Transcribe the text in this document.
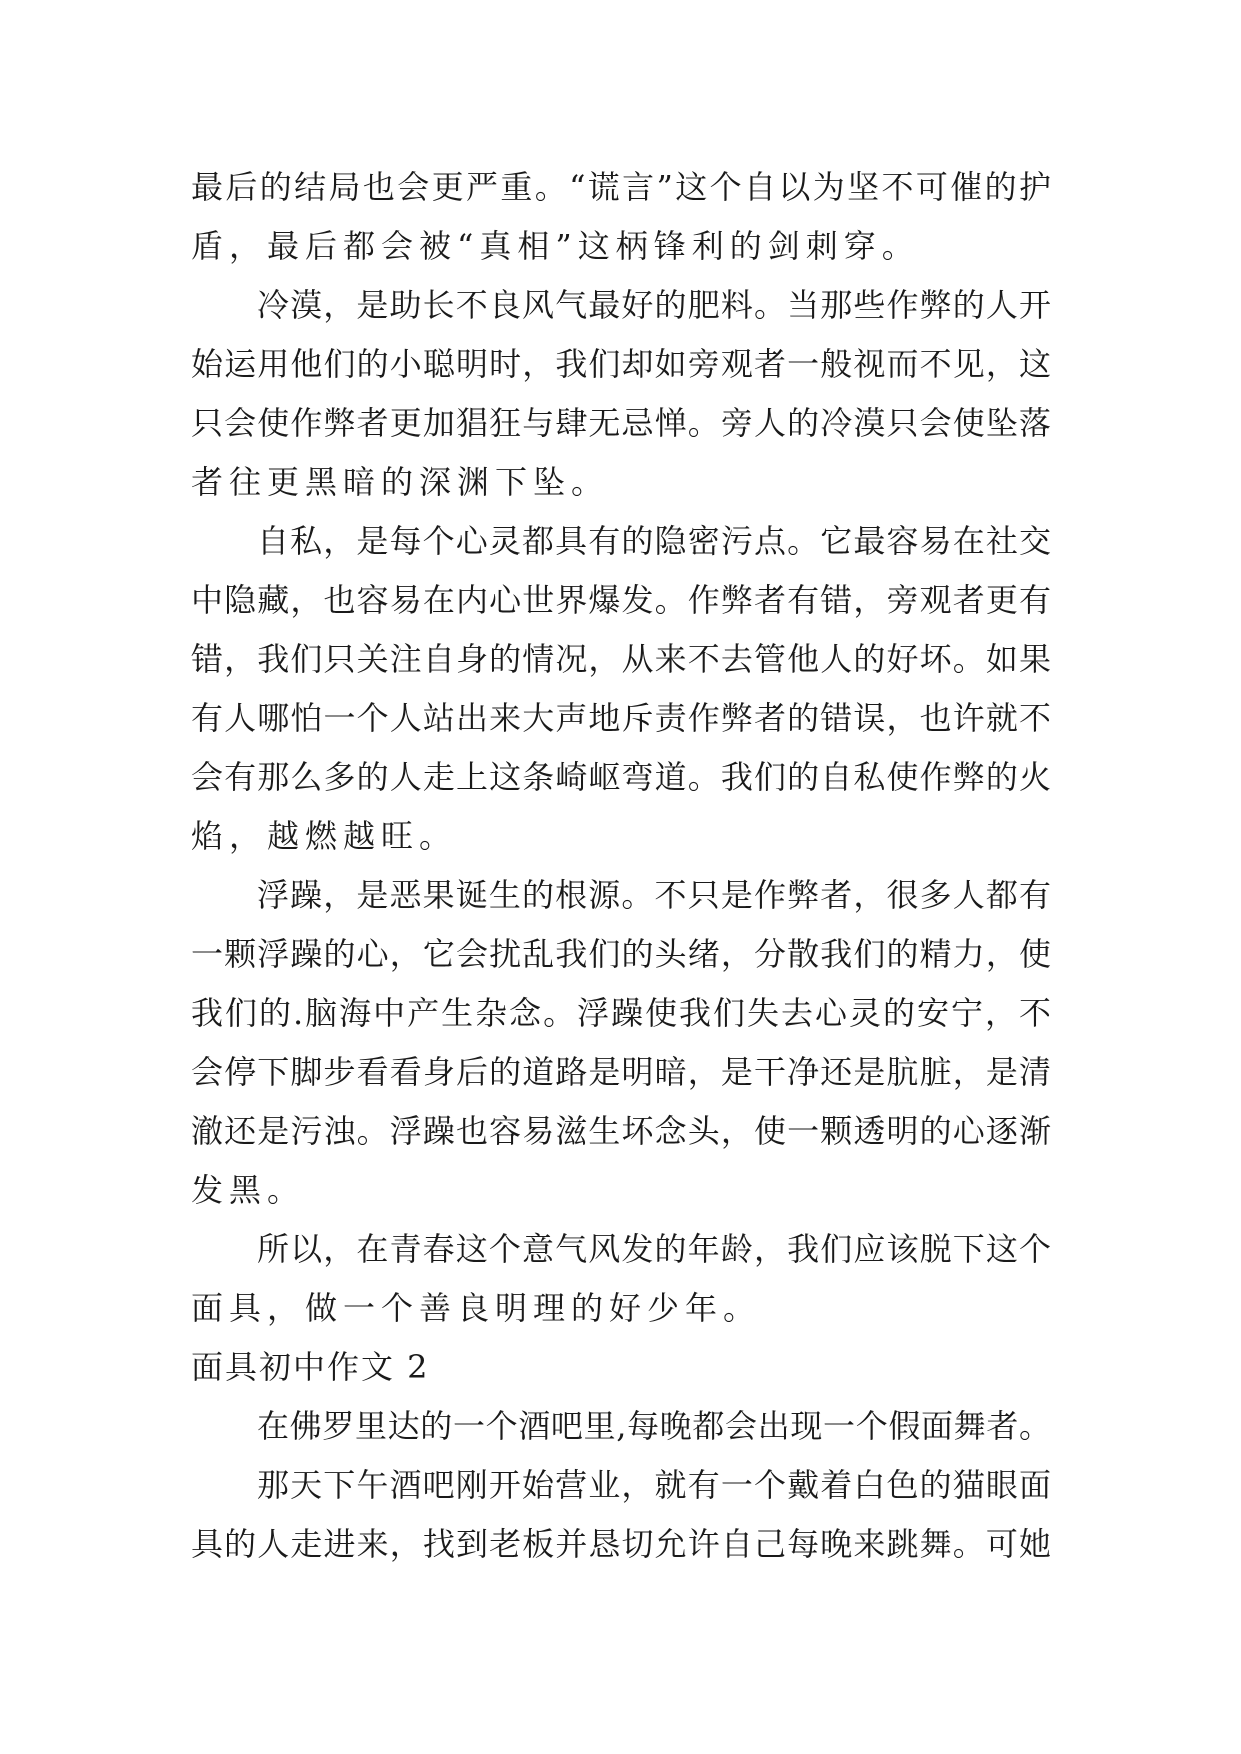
最后的结局也会更严重。“谎言”这个自以为坚不可催的护
盾，最后都会被“真相”这柄锋利的剑刺穿。
冷漠，是助长不良风气最好的肥料。当那些作弊的人开
始运用他们的小聪明时，我们却如旁观者一般视而不见，这
只会使作弊者更加猖狂与肆无忌惮。旁人的冷漠只会使坠落
者往更黑暗的深渊下坠。
自私，是每个心灵都具有的隐密污点。它最容易在社交
中隐藏，也容易在内心世界爆发。作弊者有错，旁观者更有
错，我们只关注自身的情况，从来不去管他人的好坏。如果
有人哪怕一个人站出来大声地斥责作弊者的错误，也许就不
会有那么多的人走上这条崎岖弯道。我们的自私使作弊的火
焰，越燃越旺。
浮躁，是恶果诞生的根源。不只是作弊者，很多人都有
一颗浮躁的心，它会扰乱我们的头绪，分散我们的精力，使
我们的.脑海中产生杂念。浮躁使我们失去心灵的安宁，不
会停下脚步看看身后的道路是明暗，是干净还是肮脏，是清
澈还是污浊。浮躁也容易滋生坏念头，使一颗透明的心逐渐
发黑。
所以，在青春这个意气风发的年龄，我们应该脱下这个
面具，做一个善良明理的好少年。
面具初中作文 2
在佛罗里达的一个酒吧里,每晚都会出现一个假面舞者。
那天下午酒吧刚开始营业，就有一个戴着白色的猫眼面
具的人走进来，找到老板并恳切允许自己每晚来跳舞。可她
